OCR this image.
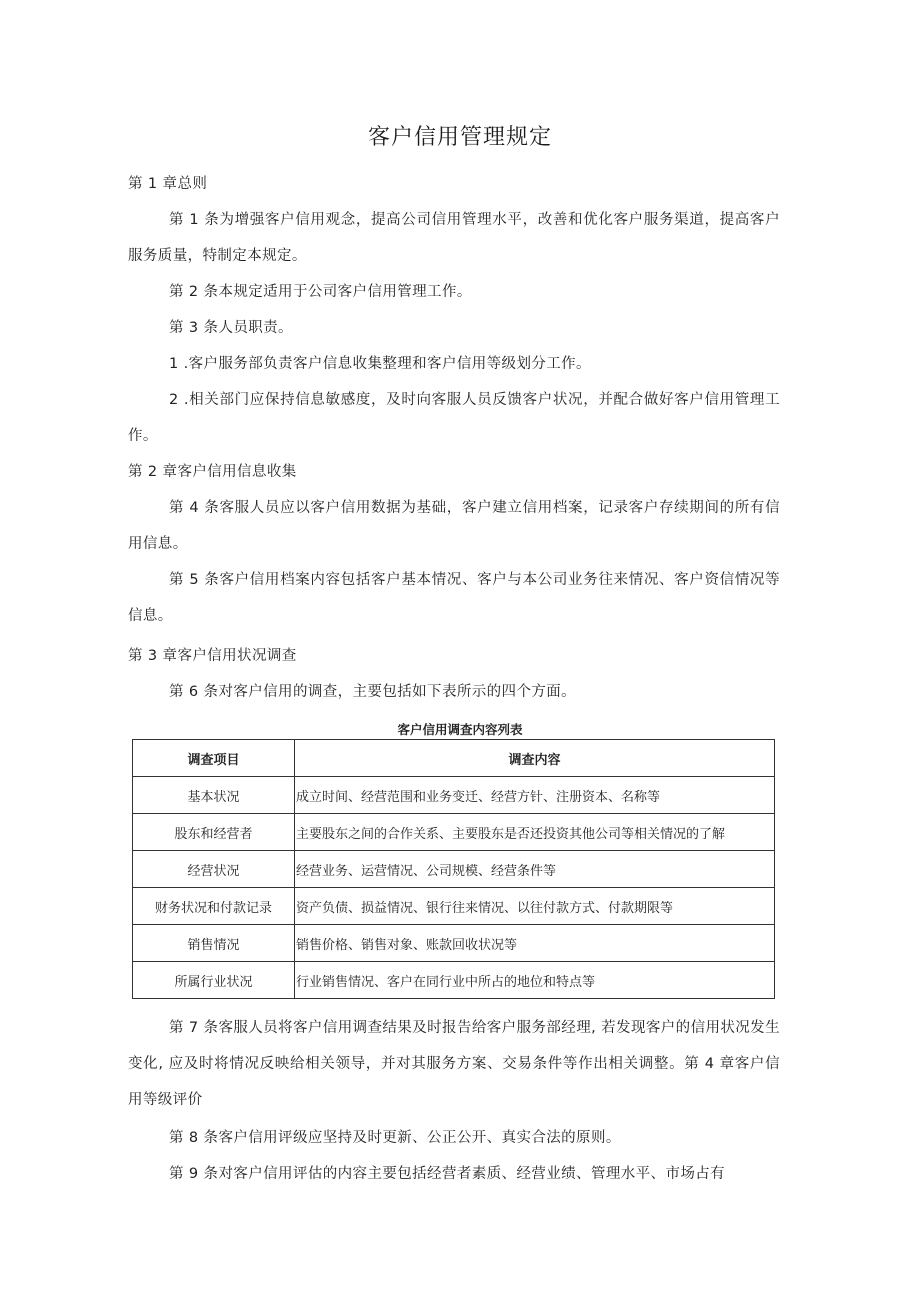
客户信用管理规定
第 1 章总则
第 1 条为增强客户信用观念，提高公司信用管理水平，改善和优化客户服务渠道，提高客户服务质量，特制定本规定。
第 2 条本规定适用于公司客户信用管理工作。
第 3 条人员职责。
1 .客户服务部负责客户信息收集整理和客户信用等级划分工作。
2 .相关部门应保持信息敏感度，及时向客服人员反馈客户状况，并配合做好客户信用管理工作。
第 2 章客户信用信息收集
第 4 条客服人员应以客户信用数据为基础，客户建立信用档案，记录客户存续期间的所有信用信息。
第 5 条客户信用档案内容包括客户基本情况、客户与本公司业务往来情况、客户资信情况等信息。
第 3 章客户信用状况调查
第 6 条对客户信用的调查，主要包括如下表所示的四个方面。
客户信用调查内容列表
调查项目	调查内容
基本状况	成立时间、经营范围和业务变迁、经营方针、注册资本、名称等
股东和经营者	主要股东之间的合作关系、主要股东是否还投资其他公司等相关情况的了解
经营状况	经营业务、运营情况、公司规模、经营条件等
财务状况和付款记录	资产负债、损益情况、银行往来情况、以往付款方式、付款期限等
销售情况	销售价格、销售对象、账款回收状况等
所属行业状况	行业销售情况、客户在同行业中所占的地位和特点等
第 7 条客服人员将客户信用调查结果及时报告给客户服务部经理, 若发现客户的信用状况发生变化, 应及时将情况反映给相关领导，并对其服务方案、交易条件等作出相关调整。第 4 章客户信用等级评价
第 8 条客户信用评级应坚持及时更新、公正公开、真实合法的原则。
第 9 条对客户信用评估的内容主要包括经营者素质、经营业绩、管理水平、市场占有
